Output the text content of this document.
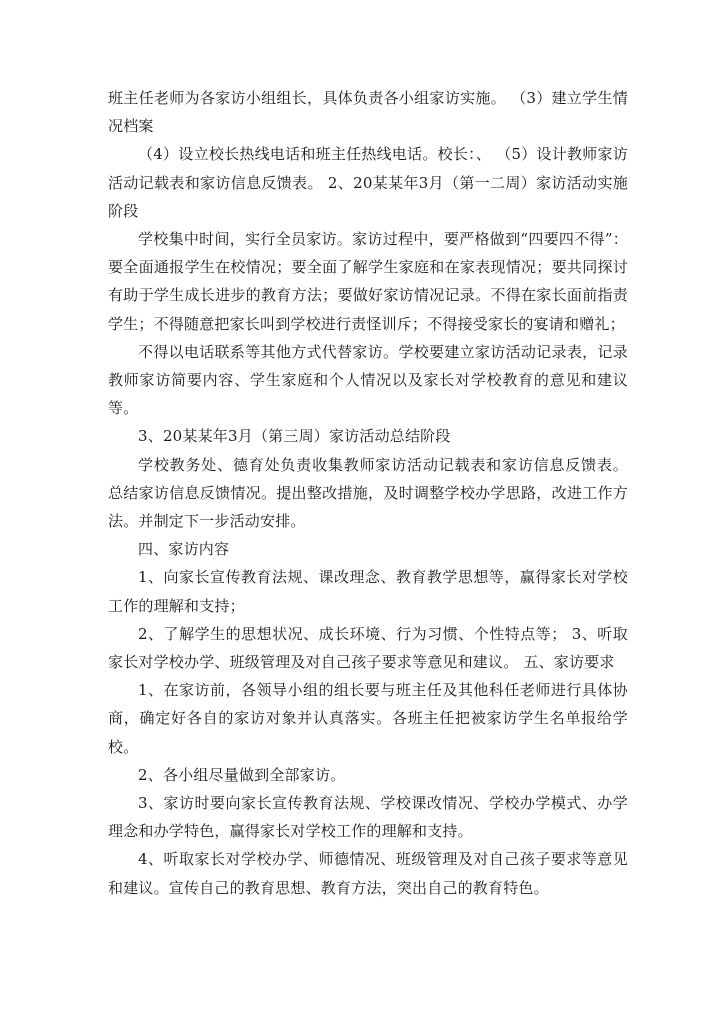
班主任老师为各家访小组组长，具体负责各小组家访实施。 （3）建立学生情况档案

（4）设立校长热线电话和班主任热线电话。校长：、 （5）设计教师家访活动记载表和家访信息反馈表。 2、20某某年3月（第一二周）家访活动实施阶段

学校集中时间，实行全员家访。家访过程中，要严格做到“四要四不得”：要全面通报学生在校情况；要全面了解学生家庭和在家表现情况；要共同探讨有助于学生成长进步的教育方法；要做好家访情况记录。不得在家长面前指责学生；不得随意把家长叫到学校进行责怪训斥；不得接受家长的宴请和赠礼；

不得以电话联系等其他方式代替家访。学校要建立家访活动记录表，记录教师家访简要内容、学生家庭和个人情况以及家长对学校教育的意见和建议等。

3、20某某年3月（第三周）家访活动总结阶段

学校教务处、德育处负责收集教师家访活动记载表和家访信息反馈表。 总结家访信息反馈情况。提出整改措施，及时调整学校办学思路，改进工作方法。并制定下一步活动安排。

四、家访内容

1、向家长宣传教育法规、课改理念、教育教学思想等，赢得家长对学校工作的理解和支持；

2、了解学生的思想状况、成长环境、行为习惯、个性特点等； 3、听取家长对学校办学、班级管理及对自己孩子要求等意见和建议。 五、家访要求

1、在家访前，各领导小组的组长要与班主任及其他科任老师进行具体协商，确定好各自的家访对象并认真落实。各班主任把被家访学生名单报给学校。

2、各小组尽量做到全部家访。

3、家访时要向家长宣传教育法规、学校课改情况、学校办学模式、办学理念和办学特色，赢得家长对学校工作的理解和支持。

4、听取家长对学校办学、师德情况、班级管理及对自己孩子要求等意见和建议。宣传自己的教育思想、教育方法，突出自己的教育特色。
